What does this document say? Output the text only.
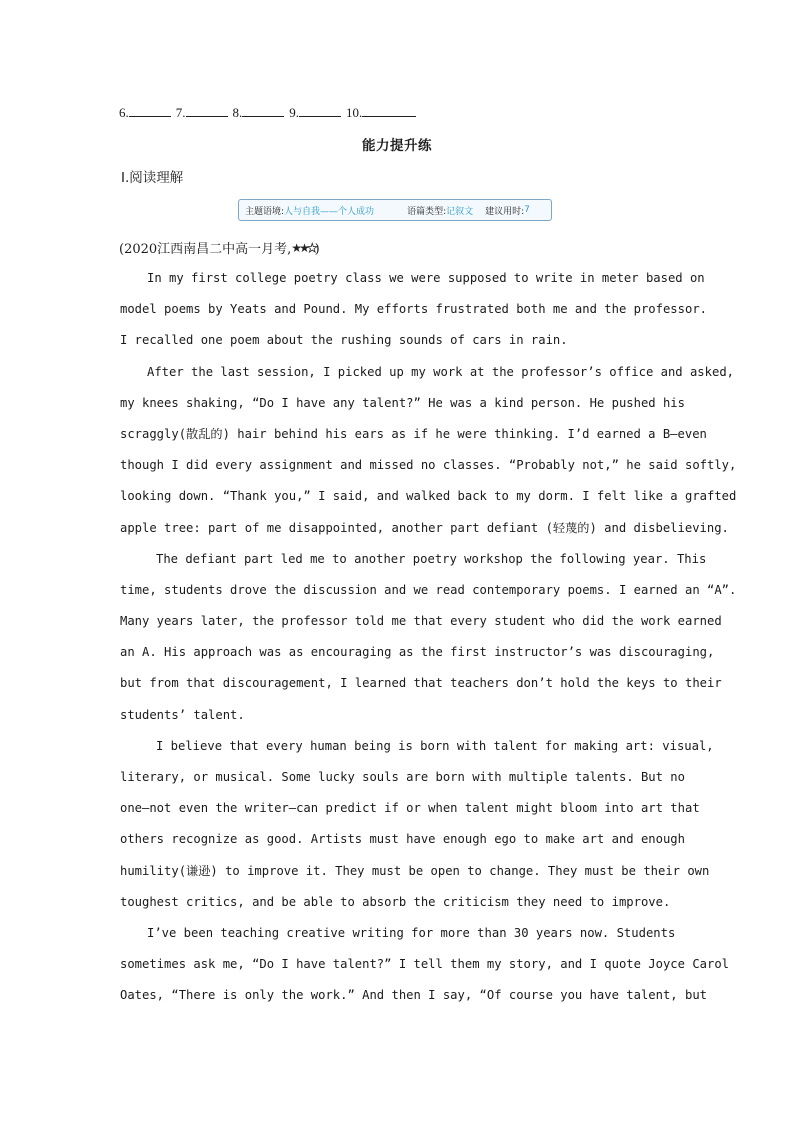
6.	7.	8.	9.	10.
能力提升练
Ⅰ.阅读理解
主题语境: 人与自我——个人成功	语篇类型: 记叙文 建议用时: 7
(2020江西南昌二中高一月考,★★★)
In my first college poetry class we were supposed to write in meter based on
model poems by Yeats and Pound. My efforts frustrated both me and the professor.
I recalled one poem about the rushing sounds of cars in rain.
After the last session, I picked up my work at the professor’s office and asked,
my knees shaking, “Do I have any talent?” He was a kind person. He pushed his
scraggly(散乱的) hair behind his ears as if he were thinking. I’d earned a B—even
though I did every assignment and missed no classes. “Probably not,” he said softly,
looking down. “Thank you,” I said, and walked back to my dorm. I felt like a grafted
apple tree: part of me disappointed, another part defiant (轻蔑的) and disbelieving.
The defiant part led me to another poetry workshop the following year. This
time, students drove the discussion and we read contemporary poems. I earned an “A”.
Many years later, the professor told me that every student who did the work earned
an A. His approach was as encouraging as the first instructor’s was discouraging,
but from that discouragement, I learned that teachers don’t hold the keys to their
students’ talent.
I believe that every human being is born with talent for making art: visual,
literary, or musical. Some lucky souls are born with multiple talents. But no
one—not even the writer—can predict if or when talent might bloom into art that
others recognize as good. Artists must have enough ego to make art and enough
humility(谦逊) to improve it. They must be open to change. They must be their own
toughest critics, and be able to absorb the criticism they need to improve.
I’ve been teaching creative writing for more than 30 years now. Students
sometimes ask me, “Do I have talent?” I tell them my story, and I quote Joyce Carol
Oates, “There is only the work.” And then I say, “Of course you have talent, but
